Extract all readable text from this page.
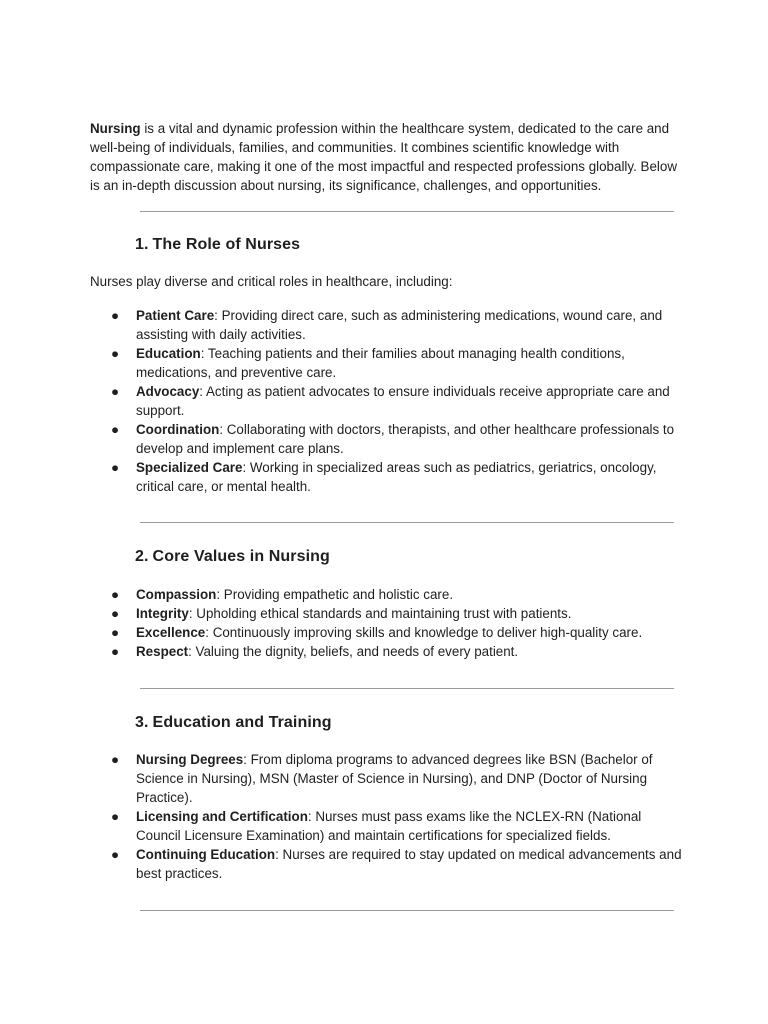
Nursing is a vital and dynamic profession within the healthcare system, dedicated to the care and well-being of individuals, families, and communities. It combines scientific knowledge with compassionate care, making it one of the most impactful and respected professions globally. Below is an in-depth discussion about nursing, its significance, challenges, and opportunities.

1. The Role of Nurses
Nurses play diverse and critical roles in healthcare, including:
● Patient Care: Providing direct care, such as administering medications, wound care, and assisting with daily activities.
● Education: Teaching patients and their families about managing health conditions, medications, and preventive care.
● Advocacy: Acting as patient advocates to ensure individuals receive appropriate care and support.
● Coordination: Collaborating with doctors, therapists, and other healthcare professionals to develop and implement care plans.
● Specialized Care: Working in specialized areas such as pediatrics, geriatrics, oncology, critical care, or mental health.
2. Core Values in Nursing
● Compassion: Providing empathetic and holistic care.
● Integrity: Upholding ethical standards and maintaining trust with patients.
● Excellence: Continuously improving skills and knowledge to deliver high-quality care.
● Respect: Valuing the dignity, beliefs, and needs of every patient.
3. Education and Training
● Nursing Degrees: From diploma programs to advanced degrees like BSN (Bachelor of Science in Nursing), MSN (Master of Science in Nursing), and DNP (Doctor of Nursing Practice).
● Licensing and Certification: Nurses must pass exams like the NCLEX-RN (National Council Licensure Examination) and maintain certifications for specialized fields.
● Continuing Education: Nurses are required to stay updated on medical advancements and best practices.
